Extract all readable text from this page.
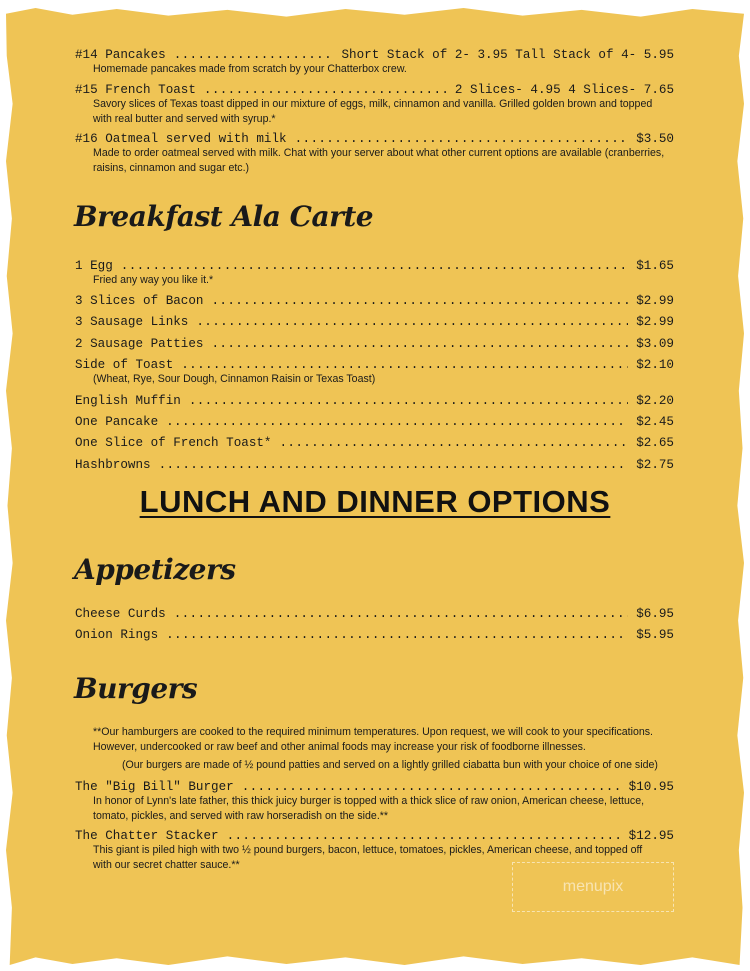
#14 Pancakes . . .	Short Stack of 2- 3.95 Tall Stack of 4- 5.95
Homemade pancakes made from scratch by your Chatterbox crew.
#15 French Toast . . .	2 Slices- 4.95 4 Slices- 7.65
Savory slices of Texas toast dipped in our mixture of eggs, milk, cinnamon and vanilla. Grilled golden brown and topped with real butter and served with syrup.*
#16 Oatmeal served with milk . . .	$3.50
Made to order oatmeal served with milk. Chat with your server about what other current options are available (cranberries, raisins, cinnamon and sugar etc.)
Breakfast Ala Carte
1 Egg . . .	$1.65
Fried any way you like it.*
3 Slices of Bacon . . .	$2.99
3 Sausage Links . . .	$2.99
2 Sausage Patties . . .	$3.09
Side of Toast . . .	$2.10
(Wheat, Rye, Sour Dough, Cinnamon Raisin or Texas Toast)
English Muffin . . .	$2.20
One Pancake . . .	$2.45
One Slice of French Toast* . . .	$2.65
Hashbrowns . . .	$2.75
LUNCH AND DINNER OPTIONS
Appetizers
Cheese Curds . . .	$6.95
Onion Rings . . .	$5.95
Burgers
**Our hamburgers are cooked to the required minimum temperatures. Upon request, we will cook to your specifications. However, undercooked or raw beef and other animal foods may increase your risk of foodborne illnesses.
(Our burgers are made of ½ pound patties and served on a lightly grilled ciabatta bun with your choice of one side)
The "Big Bill" Burger . . .	$10.95
In honor of Lynn's late father, this thick juicy burger is topped with a thick slice of raw onion, American cheese, lettuce, tomato, pickles, and served with raw horseradish on the side.**
The Chatter Stacker . . .	$12.95
This giant is piled high with two ½ pound burgers, bacon, lettuce, tomatoes, pickles, American cheese, and topped off with our secret chatter sauce.**
menupix
